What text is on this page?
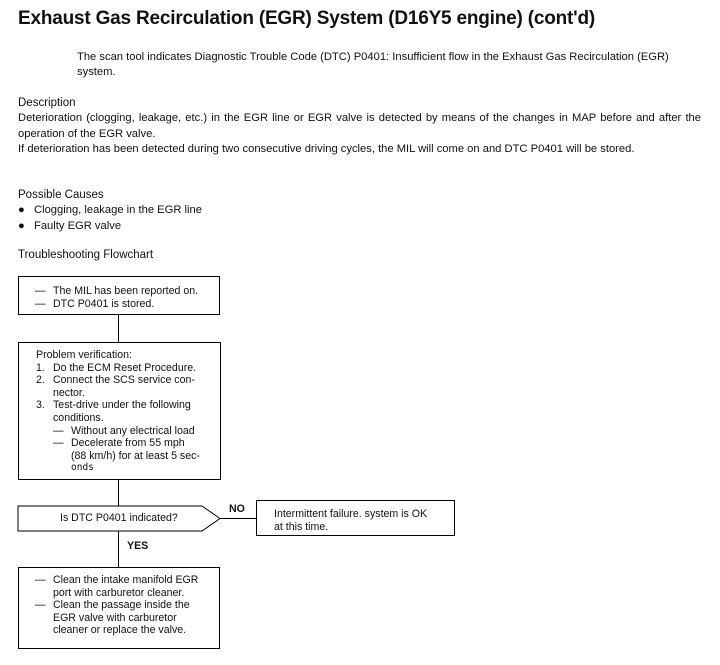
Exhaust Gas Recirculation (EGR) System (D16Y5 engine) (cont'd)
The scan tool indicates Diagnostic Trouble Code (DTC) P0401: Insufficient flow in the Exhaust Gas Recirculation (EGR) system.
Description
Deterioration (clogging, leakage, etc.) in the EGR line or EGR valve is detected by means of the changes in MAP before and after the operation of the EGR valve.
If deterioration has been detected during two consecutive driving cycles, the MIL will come on and DTC P0401 will be stored.
Possible Causes
● Clogging, leakage in the EGR line
● Faulty EGR valve
Troubleshooting Flowchart
— The MIL has been reported on.
— DTC P0401 is stored.
Problem verification:
1. Do the ECM Reset Procedure.
2. Connect the SCS service con-
nector.
3. Test-drive under the following
conditions.
— Without any electrical load
— Decelerate from 55 mph
(88 km/h) for at least 5 sec-
onds
Is DTC P0401 indicated?
NO
YES
Intermittent failure. system is OK
at this time.
— Clean the intake manifold EGR
port with carburetor cleaner.
— Clean the passage inside the
EGR valve with carburetor
cleaner or replace the valve.
